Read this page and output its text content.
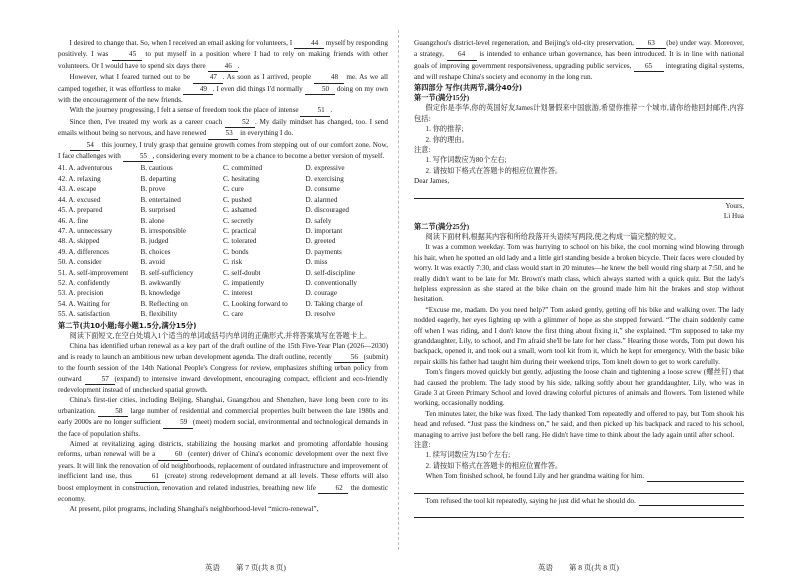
I desired to change that. So, when I received an email asking for volunteers, I 44 myself by responding positively. I was 45 to put myself in a position where I had to rely on making friends with other volunteers. Or I would have to spend six days there 46 .

However, what I feared turned out to be 47 . As soon as I arrived, people 48 me. As we all camped together, it was effortless to make 49 . I even did things I'd normally 50 doing on my own with the encouragement of the new friends.

With the journey progressing, I felt a sense of freedom took the place of intense 51 .

Since then, I've treated my work as a career coach 52 . My daily mindset has changed, too. I send emails without being so nervous, and have renewed 53 in everything I do.

54 this journey, I truly grasp that genuine growth comes from stepping out of our comfort zone. Now, I face challenges with 55 , considering every moment to be a chance to become a better version of myself.

41. A. adventurous	B. cautious	C. committed	D. expressive
42. A. relaxing	B. departing	C. hesitating	D. exercising
43. A. escape	B. prove	C. cure	D. consume
44. A. excused	B. entertained	C. pushed	D. alarmed
45. A. prepared	B. surprised	C. ashamed	D. discouraged
46. A. fine	B. alone	C. secretly	D. safely
47. A. unnecessary	B. irresponsible	C. practical	D. important
48. A. skipped	B. judged	C. tolerated	D. greeted
49. A. differences	B. choices	C. bonds	D. payments
50. A. consider	B. avoid	C. risk	D. miss
51. A. self-improvement	B. self-sufficiency	C. self-doubt	D. self-discipline
52. A. confidently	B. awkwardly	C. impatiently	D. conventionally
53. A. precision	B. knowledge	C. interest	D. courage
54. A. Waiting for	B. Reflecting on	C. Looking forward to	D. Taking charge of
55. A. satisfaction	B. flexibility	C. care	D. resolve

第二节(共10小题;每小题1.5分,满分15分)

阅读下面短文,在空白处填入1个适当的单词或括号内单词的正确形式,并将答案填写在答题卡上。

China has identified urban renewal as a key part of the draft outline of the 15th Five-Year Plan (2026—2030) and is ready to launch an ambitious new urban development agenda. The draft outline, recently 56 (submit) to the fourth session of the 14th National People's Congress for review, emphasizes shifting urban policy from outward 57 (expand) to intensive inward development, encouraging compact, efficient and eco-friendly redevelopment instead of unchecked spatial growth.

China's first-tier cities, including Beijing, Shanghai, Guangzhou and Shenzhen, have long been core to its urbanization. 58 large number of residential and commercial properties built between the late 1980s and early 2000s are no longer sufficient 59 (meet) modern social, environmental and technological demands in the face of population shifts.

Aimed at revitalizing aging districts, stabilizing the housing market and promoting affordable housing reforms, urban renewal will be a 60 (center) driver of China's economic development over the next five years. It will link the renovation of old neighborhoods, replacement of outdated infrastructure and improvement of inefficient land use, thus 61 (create) strong redevelopment demand at all levels. These efforts will also boost employment in construction, renovation and related industries, breathing new life 62 the domestic economy.

At present, pilot programs, including Shanghai's neighborhood-level “micro-renewal”,

Guangzhou's district-level regeneration, and Beijing's old-city preservation, 63 (be) under way. Moreover, a strategy, 64 is intended to enhance urban governance, has been introduced. It is in line with national goals of improving government responsiveness, upgrading public services, 65 integrating digital systems, and will reshape China's society and economy in the long run.

第四部分 写作(共两节,满分40分)

第一节(满分15分)

假定你是李华,你的英国好友James计划暑假来中国旅游,希望你推荐一个城市,请你给他回封邮件,内容包括:

1. 你的推荐;

2. 你的理由。

注意:

1. 写作词数应为80个左右;

2. 请按如下格式在答题卡的相应位置作答。

Dear James,

Yours,

Li Hua

第二节(满分25分)

阅读下面材料,根据其内容和所给段落开头语续写两段,使之构成一篇完整的短文。

It was a common weekday. Tom was hurrying to school on his bike, the cool morning wind blowing through his hair, when he spotted an old lady and a little girl standing beside a broken bicycle. Their faces were clouded by worry. It was exactly 7:30, and class would start in 20 minutes—he knew the bell would ring sharp at 7:50, and he really didn't want to be late for Mr. Brown's math class, which always started with a quick quiz. But the lady's helpless expression as she stared at the bike chain on the ground made him hit the brakes and stop without hesitation.

“Excuse me, madam. Do you need help?” Tom asked gently, getting off his bike and walking over. The lady nodded eagerly, her eyes lighting up with a glimmer of hope as she stepped forward. “The chain suddenly came off when I was riding, and I don't know the first thing about fixing it,” she explained. “I'm supposed to take my granddaughter, Lily, to school, and I'm afraid she'll be late for her class.” Hearing those words, Tom put down his backpack, opened it, and took out a small, worn tool kit from it, which he kept for emergency. With the basic bike repair skills his father had taught him during their weekend trips, Tom knelt down to get to work carefully.

Tom's fingers moved quickly but gently, adjusting the loose chain and tightening a loose screw (螺丝钉) that had caused the problem. The lady stood by his side, talking softly about her granddaughter, Lily, who was in Grade 3 at Green Primary School and loved drawing colorful pictures of animals and flowers. Tom listened while working, occasionally nodding.

Ten minutes later, the bike was fixed. The lady thanked Tom repeatedly and offered to pay, but Tom shook his head and refused. “Just pass the kindness on,” he said, and then picked up his backpack and raced to his school, managing to arrive just before the bell rang. He didn't have time to think about the lady again until after school.

注意:

1. 续写词数应为150个左右;

2. 请按如下格式在答题卡的相应位置作答。

When Tom finished school, he found Lily and her grandma waiting for him.
Tom refused the tool kit repeatedly, saying he just did what he should do.
英语 第 7 页(共 8 页)	英语 第 8 页(共 8 页)
